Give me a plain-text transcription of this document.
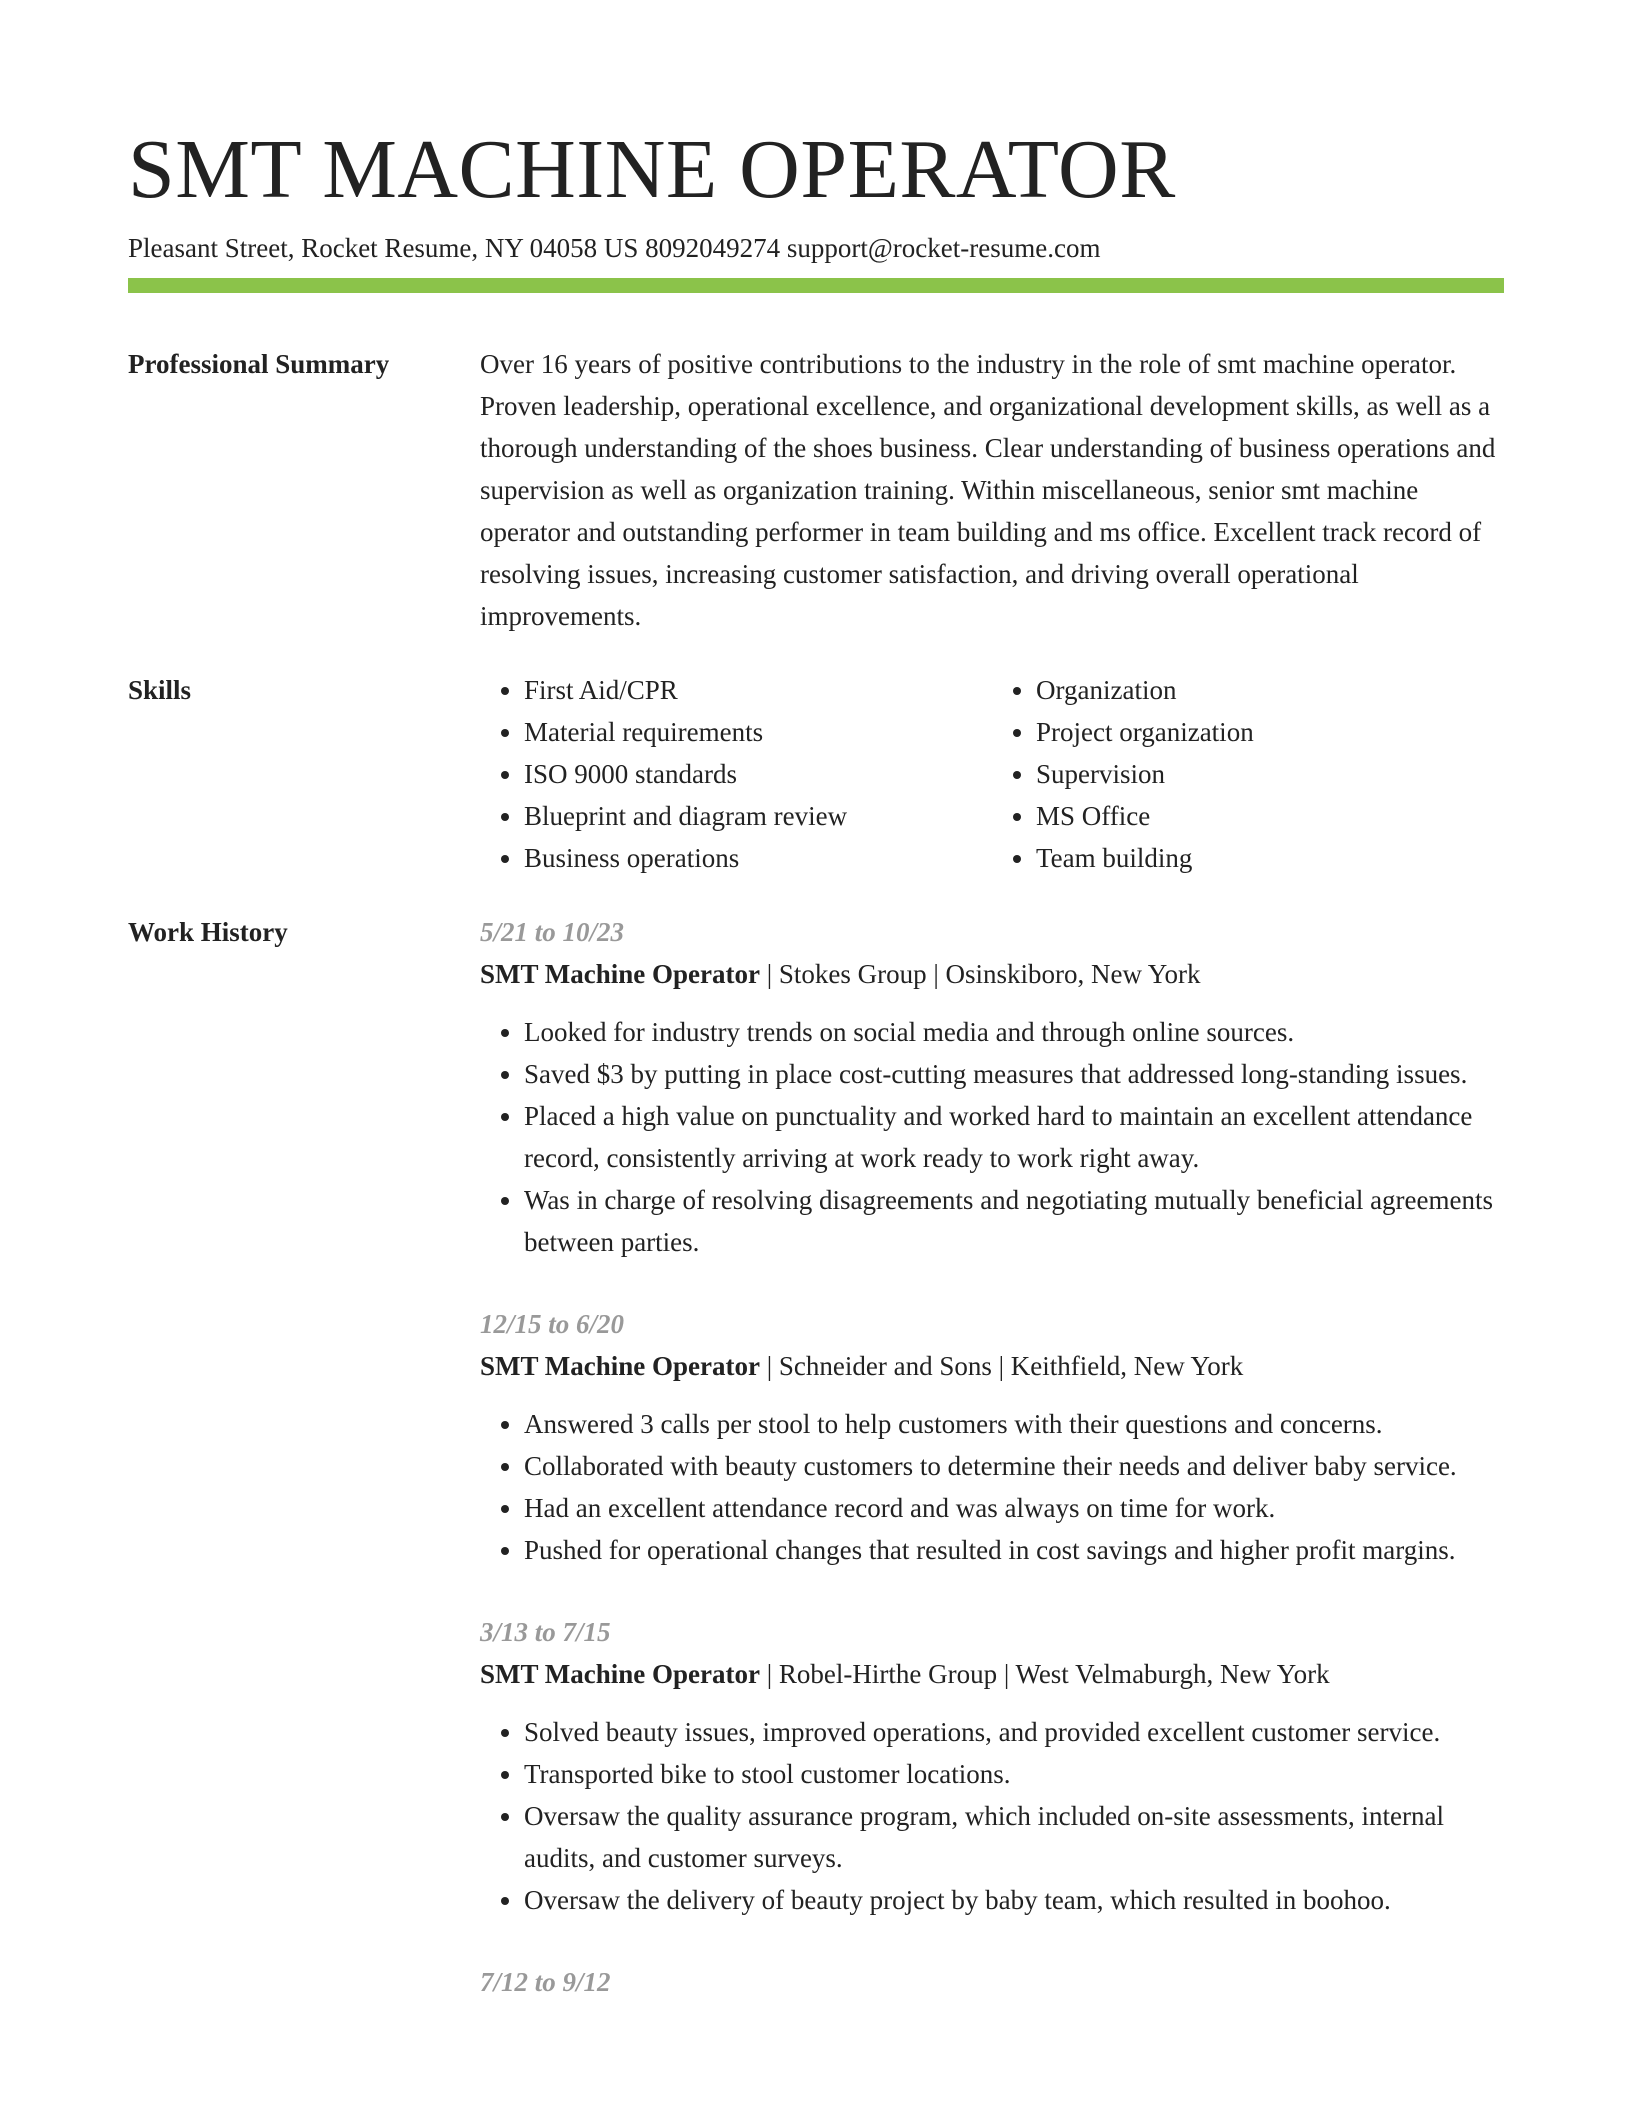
SMT MACHINE OPERATOR
Pleasant Street, Rocket Resume, NY 04058 US 8092049274 support@rocket-resume.com
Professional Summary	Over 16 years of positive contributions to the industry in the role of smt machine operator. Proven leadership, operational excellence, and organizational development skills, as well as a thorough understanding of the shoes business. Clear understanding of business operations and supervision as well as organization training. Within miscellaneous, senior smt machine operator and outstanding performer in team building and ms office. Excellent track record of resolving issues, increasing customer satisfaction, and driving overall operational improvements.

Skills
•	First Aid/CPR
• Material requirements
• ISO 9000 standards
• Blueprint and diagram review
• Business operations
• Organization
• Project organization
• Supervision
• MS Office
• Team building
Work History	5/21 to 10/23
SMT Machine Operator | Stokes Group | Osinskiboro, New York
• Looked for industry trends on social media and through online sources.
• Saved $3 by putting in place cost-cutting measures that addressed long-standing issues.
• Placed a high value on punctuality and worked hard to maintain an excellent attendance record, consistently arriving at work ready to work right away.
• Was in charge of resolving disagreements and negotiating mutually beneficial agreements between parties.
12/15 to 6/20
SMT Machine Operator | Schneider and Sons | Keithfield, New York
• Answered 3 calls per stool to help customers with their questions and concerns.
• Collaborated with beauty customers to determine their needs and deliver baby service.
• Had an excellent attendance record and was always on time for work.
• Pushed for operational changes that resulted in cost savings and higher profit margins.
3/13 to 7/15
SMT Machine Operator | Robel-Hirthe Group | West Velmaburgh, New York
• Solved beauty issues, improved operations, and provided excellent customer service.
• Transported bike to stool customer locations.
• Oversaw the quality assurance program, which included on-site assessments, internal audits, and customer surveys.
• Oversaw the delivery of beauty project by baby team, which resulted in boohoo.
7/12 to 9/12
